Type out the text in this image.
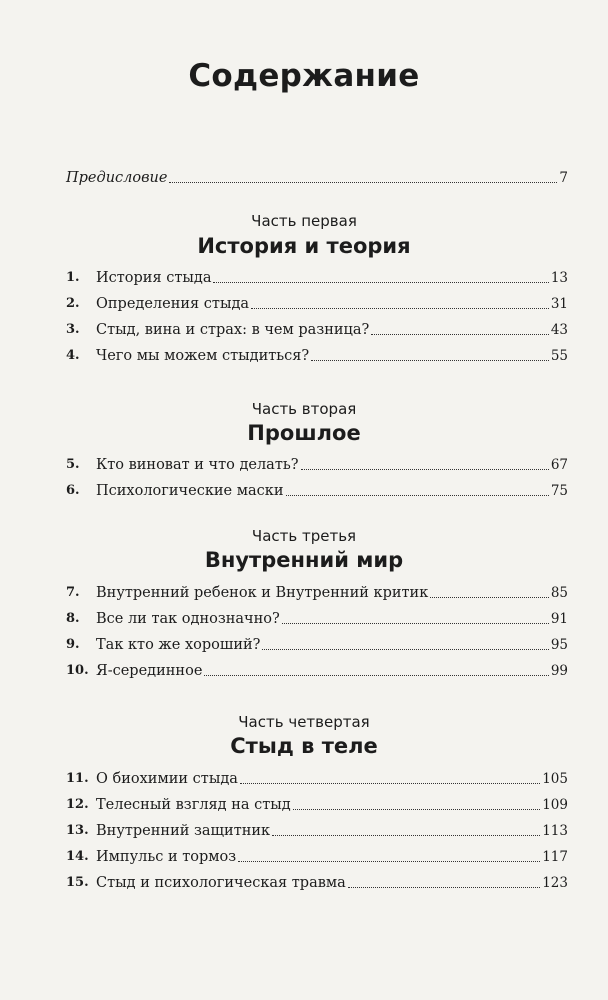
Содержание
Предисловие	7
Часть первая
История и теория
1.	История стыда	13
2.	Определения стыда	31
3.	Стыд, вина и страх: в чем разница?	43
4.	Чего мы можем стыдиться?	55
Часть вторая
Прошлое
5.	Кто виноват и что делать?	67
6.	Психологические маски	75
Часть третья
Внутренний мир
7.	Внутренний ребенок и Внутренний критик	85
8.	Все ли так однозначно?	91
9.	Так кто же хороший?	95
10. Я-серединное	99
Часть четвертая
Стыд в теле
11. О биохимии стыда	105
12. Телесный взгляд на стыд	109
13. Внутренний защитник	113
14. Импульс и тормоз	117
15. Стыд и психологическая травма	123
